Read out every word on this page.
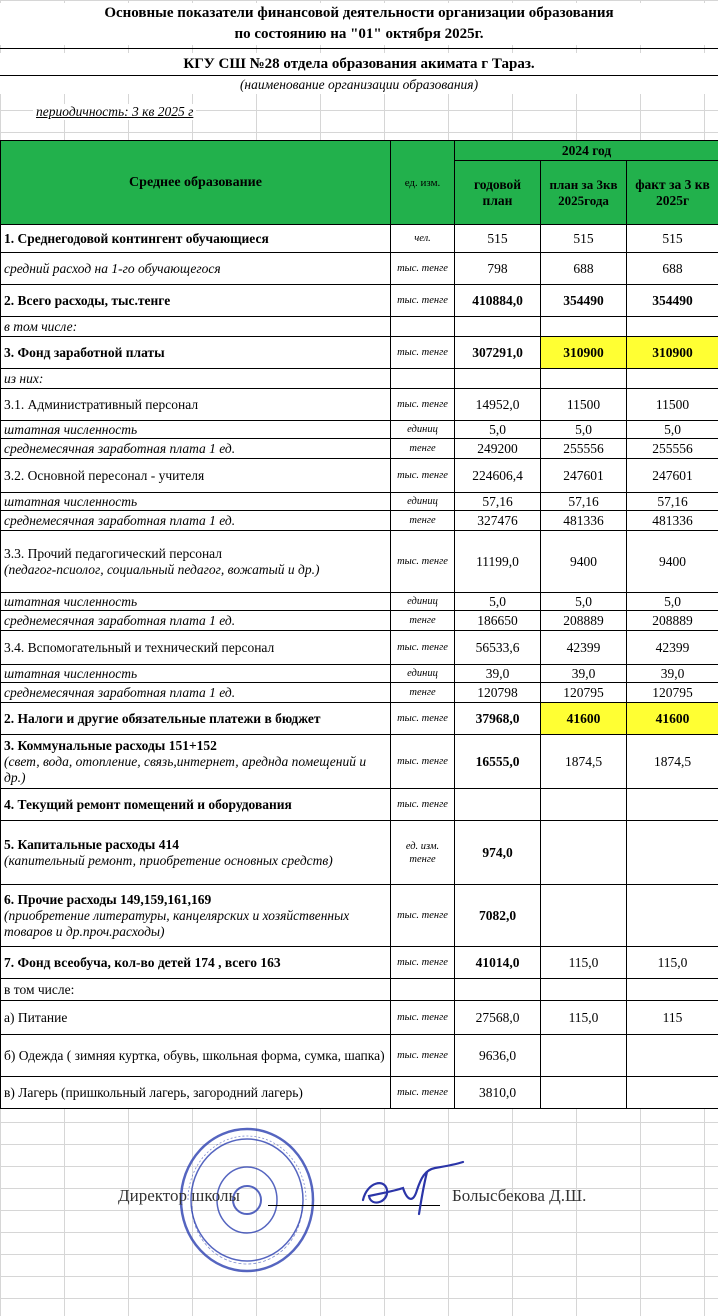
Основные показатели финансовой деятельности организации образования
по состоянию на "01" октября 2025г.
КГУ СШ №28 отдела образования акимата г Тараз.
(наименование организации образования)
периодичность: 3 кв 2025 г
Среднее образование	ед. изм.	2024 год		
		годовой план	план за 3кв 2025года	факт за 3 кв 2025г
1. Среднегодовой контингент обучающиеся	чел.	515	515	515
средний расход на 1-го обучающегося	тыс. тенге	798	688	688
2. Всего расходы, тыс.тенге	тыс. тенге	410884,0	354490	354490
в том числе:				
3. Фонд заработной платы	тыс. тенге	307291,0	310900	310900
из них:				
3.1. Административный персонал	тыс. тенге	14952,0	11500	11500
штатная численность	единиц	5,0	5,0	5,0
среднемесячная заработная плата 1 ед.	тенге	249200	255556	255556
3.2. Основной пересонал - учителя	тыс. тенге	224606,4	247601	247601
штатная численность	единиц	57,16	57,16	57,16
среднемесячная заработная плата 1 ед.	тенге	327476	481336	481336
3.3. Прочий педагогический персонал
(педагог-псиолог, социальный педагог, вожатый и др.)	тыс. тенге	11199,0	9400	9400
штатная численность	единиц	5,0	5,0	5,0
среднемесячная заработная плата 1 ед.	тенге	186650	208889	208889
3.4. Вспомогательный и технический персонал	тыс. тенге	56533,6	42399	42399
штатная численность	единиц	39,0	39,0	39,0
среднемесячная заработная плата 1 ед.	тенге	120798	120795	120795
2. Налоги и другие обязательные платежи в бюджет	тыс. тенге	37968,0	41600	41600
3. Коммунальные расходы 151+152
(свет, вода, отопление, связь,интернет, ареднда помещений и др.)	тыс. тенге	16555,0	1874,5	1874,5
4. Текущий ремонт помещений и оборудования	тыс. тенге			
5. Капитальные расходы 414
(капительный ремонт, приобретение основных средств)	ед. изм. тенге	974,0		
6. Прочие расходы 149,159,161,169
(приобретение литературы, канцелярских и хозяйственных товаров и др.проч.расходы)	тыс. тенге	7082,0		
7. Фонд всеобуча, кол-во детей 174 , всего 163	тыс. тенге	41014,0	115,0	115,0
в том числе:				
а) Питание	тыс. тенге	27568,0	115,0	115
б) Одежда ( зимняя куртка, обувь, школьная форма, сумка, шапка)	тыс. тенге	9636,0		
в) Лагерь (пришкольный лагерь, загородний лагерь)	тыс. тенге	3810,0		
Директор школы	Болысбекова Д.Ш.
